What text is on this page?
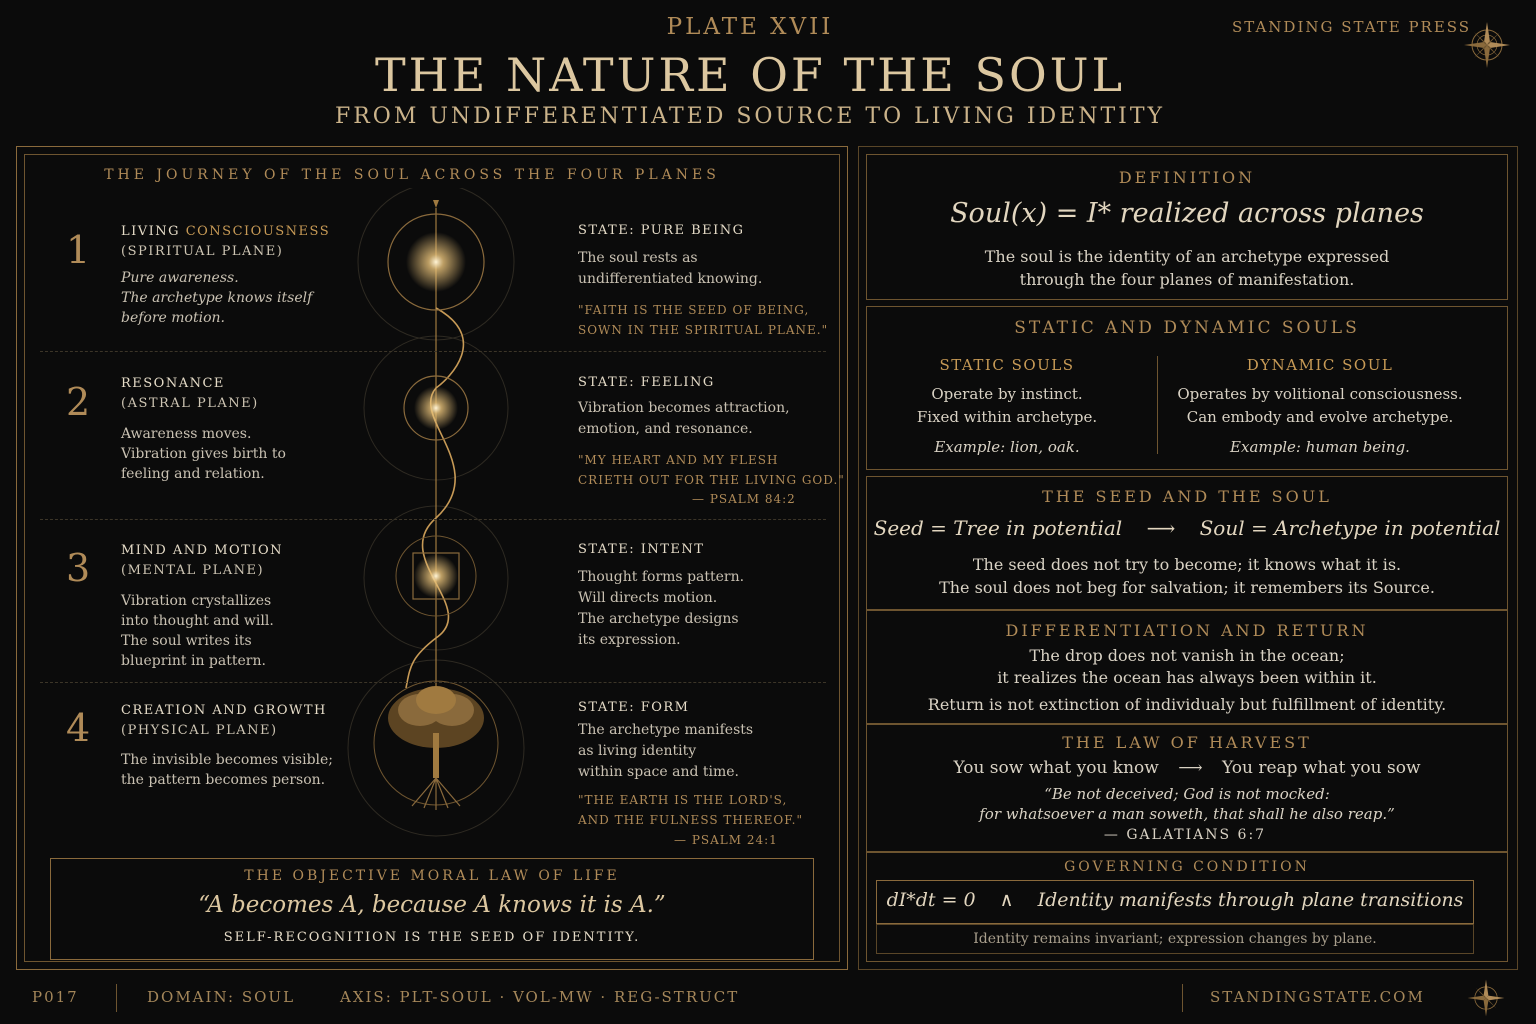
PLATE XVII
THE NATURE OF THE SOUL
FROM UNDIFFERENTIATED SOURCE TO LIVING IDENTITY
STANDING STATE PRESS
THE JOURNEY OF THE SOUL ACROSS THE FOUR PLANES
1 LIVING CONSCIOUSNESS
(SPIRITUAL PLANE)
Pure awareness.
The archetype knows itself
before motion.
STATE: PURE BEING
The soul rests as
undifferentiated knowing.
"FAITH IS THE SEED OF BEING,
SOWN IN THE SPIRITUAL PLANE."
2 RESONANCE
(ASTRAL PLANE)
Awareness moves.
Vibration gives birth to
feeling and relation.
STATE: FEELING
Vibration becomes attraction,
emotion, and resonance.
"MY HEART AND MY FLESH
CRIETH OUT FOR THE LIVING GOD."
— PSALM 84:2
3 MIND AND MOTION
(MENTAL PLANE)
Vibration crystallizes
into thought and will.
The soul writes its
blueprint in pattern.
STATE: INTENT
Thought forms pattern.
Will directs motion.
The archetype designs
its expression.
4 CREATION AND GROWTH
(PHYSICAL PLANE)
The invisible becomes visible;
the pattern becomes person.
STATE: FORM
The archetype manifests
as living identity
within space and time.
"THE EARTH IS THE LORD'S,
AND THE FULNESS THEREOF."
— PSALM 24:1
THE OBJECTIVE MORAL LAW OF LIFE
“A becomes A, because A knows it is A.”
SELF-RECOGNITION IS THE SEED OF IDENTITY.
DEFINITION
Soul(x) = I* realized across planes
The soul is the identity of an archetype expressed
through the four planes of manifestation.
STATIC AND DYNAMIC SOULS
STATIC SOULS
Operate by instinct.
Fixed within archetype.
Example: lion, oak.
DYNAMIC SOUL
Operates by volitional consciousness.
Can embody and evolve archetype.
Example: human being.
THE SEED AND THE SOUL
Seed = Tree in potential ⟶ Soul = Archetype in potential
The seed does not try to become; it knows what it is.
The soul does not beg for salvation; it remembers its Source.
DIFFERENTIATION AND RETURN
The drop does not vanish in the ocean;
it realizes the ocean has always been within it.
Return is not extinction of individualy but fulfillment of identity.
THE LAW OF HARVEST
You sow what you know ⟶ You reap what you sow
“Be not deceived; God is not mocked:
for whatsoever a man soweth, that shall he also reap.”
— GALATIANS 6:7
GOVERNING CONDITION
dI*dt = 0 ∧ Identity manifests through plane transitions
Identity remains invariant; expression changes by plane.
P017	DOMAIN: SOUL	AXIS: PLT-SOUL · VOL-MW · REG-STRUCT	STANDINGSTATE.COM
